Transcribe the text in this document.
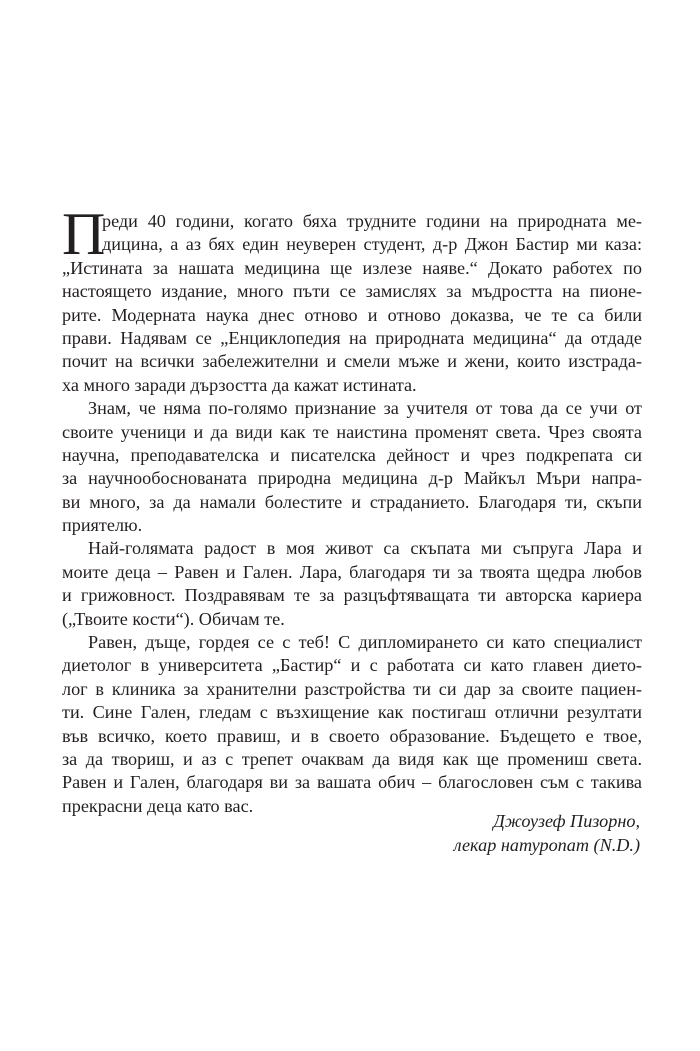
П
реди 40 години, когато бяха трудните години на природната ме-
дицина, а аз бях един неуверен студент, д-р Джон Бастир ми каза:
„Истината за нашата медицина ще излезе наяве.“ Докато работех по
настоящето издание, много пъти се замислях за мъдростта на пионе-
рите. Модерната наука днес отново и отново доказва, че те са били
прави. Надявам се „Енциклопедия на природната медицина“ да отдаде
почит на всички забележителни и смели мъже и жени, които изстрада-
ха много заради дързостта да кажат истината.
Знам, че няма по-голямо признание за учителя от това да се учи от
своите ученици и да види как те наистина променят света. Чрез своята
научна, преподавателска и писателска дейност и чрез подкрепата си
за научнообоснованата природна медицина д-р Майкъл Мъри напра-
ви много, за да намали болестите и страданието. Благодаря ти, скъпи
приятелю.
Най-голямата радост в моя живот са скъпата ми съпруга Лара и
моите деца – Равен и Гален. Лара, благодаря ти за твоята щедра любов
и грижовност. Поздравявам те за разцъфтяващата ти авторска кариера
(„Твоите кости“). Обичам те.
Равен, дъще, гордея се с теб! С дипломирането си като специалист
диетолог в университета „Бастир“ и с работата си като главен дието-
лог в клиника за хранителни разстройства ти си дар за своите пациен-
ти. Сине Гален, гледам с възхищение как постигаш отлични резултати
във всичко, което правиш, и в своето образование. Бъдещето е твое,
за да твориш, и аз с трепет очаквам да видя как ще промениш света.
Равен и Гален, благодаря ви за вашата обич – благословен съм с такива
прекрасни деца като вас.
Джоузеф Пизорно,
лекар натуропат (N.D.)
